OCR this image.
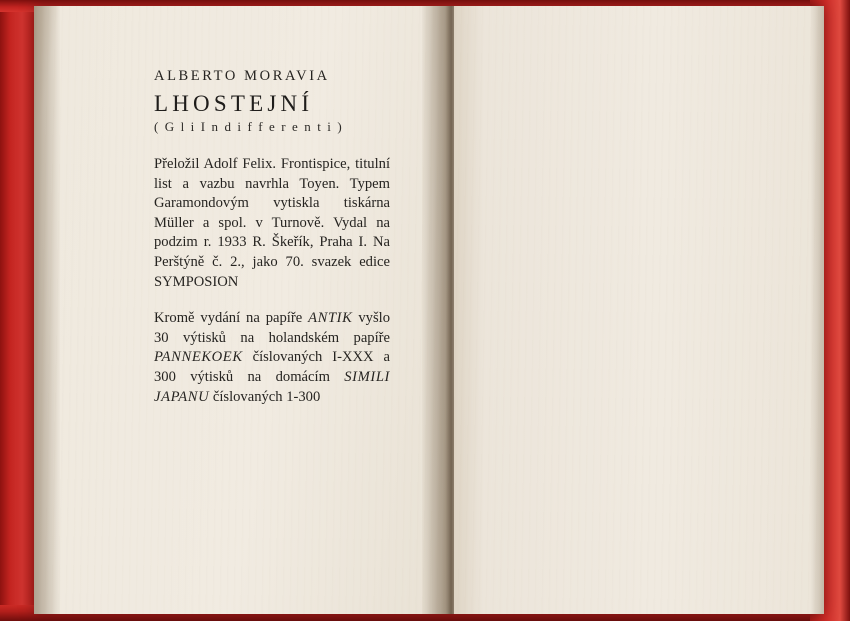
ALBERTO MORAVIA
LHOSTEJNÍ
( G l i I n d i f f e r e n t i )

Přeložil Adolf Felix. Frontispice, titulní list a vazbu navrhla Toyen. Typem Garamondovým vytiskla tiskárna Müller a spol. v Turnově. Vydal na podzim r. 1933 R. Škeřík, Praha I. Na Perštýně č. 2., jako 70. svazek edice SYMPOSION

Kromě vydání na papíře ANTIK vyšlo 30 výtisků na holandském papíře PANNEKOEK číslovaných I-XXX a 300 výtisků na domácím SIMILI JAPANU číslovaných 1-300
